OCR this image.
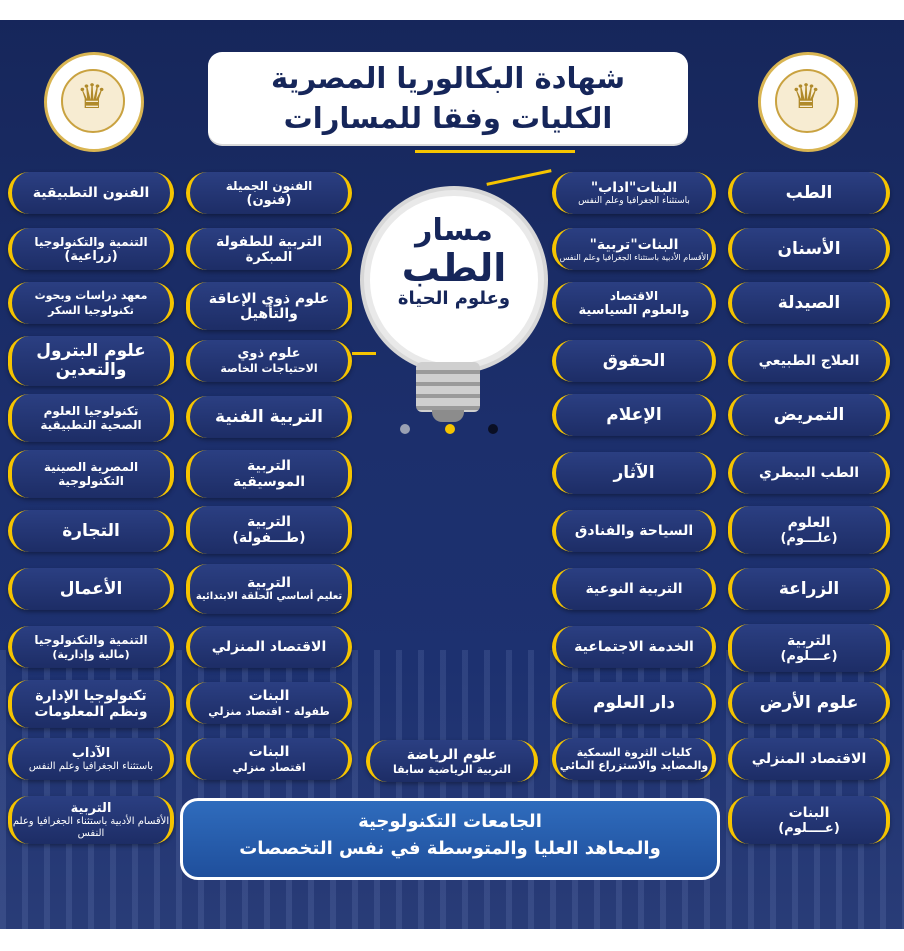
♛	♛
شهادة البكالوريا المصرية
الكليات وفقا للمسارات
مسار
الطب
وعلوم الحياة
الطب
الأسنان
الصيدلة
العلاج الطبيعي
التمريض
الطب البيطري
العلوم
(علـــوم)
الزراعة
التربية
(عـــلوم)
علوم الأرض
الاقتصاد المنزلي
البنات
(عــــلوم)
البنات"اداب"
باستثناء الجغرافيا وعلم النفس
البنات"تربية"
الأقسام الأدبية باستثناء الجغرافيا وعلم النفس
الاقتصاد
والعلوم السياسية
الحقوق
الإعلام
الآثار
السياحة والفنادق
التربية النوعية
الخدمة الاجتماعية
دار العلوم
كليات الثروة السمكية
والمصايد والاستزراع المائي
علوم الرياضة
التربية الرياضية سابقا
الفنون الجميلة
(فنون)
التربية للطفولة
المبكرة
علوم ذوي الإعاقة
والتأهيل
علوم ذوي
الاحتياجات الخاصة
التربية الفنية
التربية
الموسيقية
التربية
(طـــفولة)
التربية
تعليم أساسي الحلقة الابتدائية
الاقتصاد المنزلي
البنات
طفولة - اقتصاد منزلي
البنات
اقتصاد منزلي
الفنون التطبيقية
التنمية والتكنولوجيا
(زراعية)
معهد دراسات وبحوث
تكنولوجيا السكر
علوم البترول
والتعدين
تكنولوجيا العلوم
الصحية التطبيقية
المصرية الصينية
التكنولوجية
التجارة
الأعمال
التنمية والتكنولوجيا
(مالية وإدارية)
تكنولوجيا الإدارة
ونظم المعلومات
الآداب
باستثناء الجغرافيا وعلم النفس
التربية
الأقسام الأدبية باستثناء الجغرافيا وعلم النفس
الجامعات التكنولوجية
والمعاهد العليا والمتوسطة في نفس التخصصات
